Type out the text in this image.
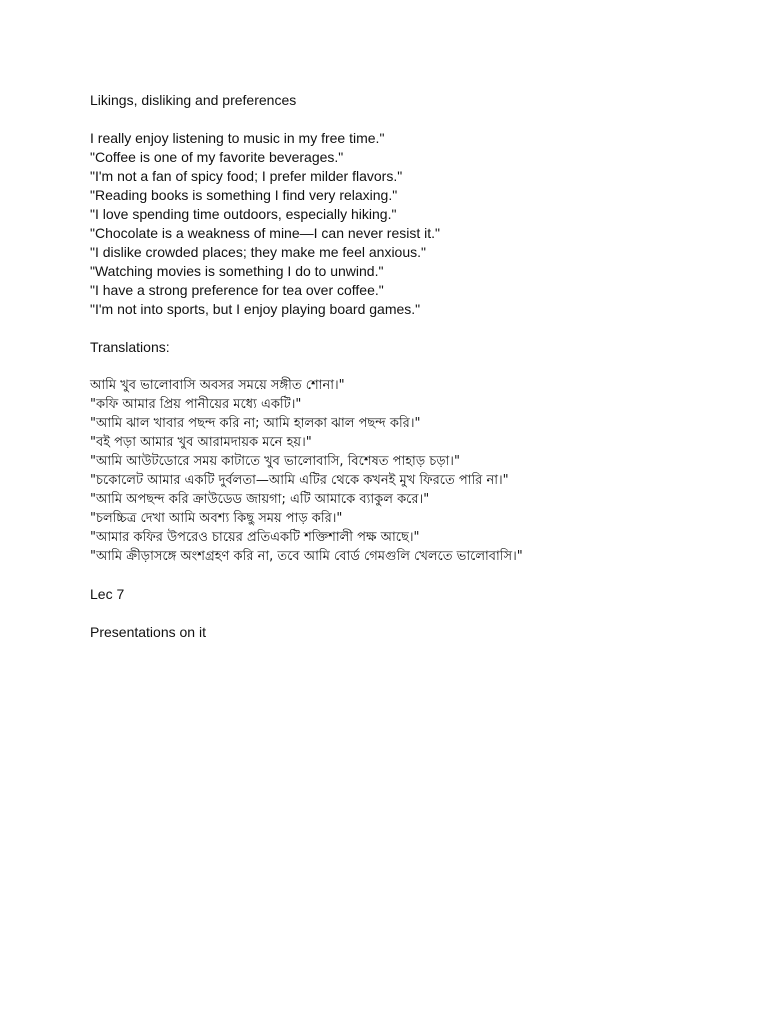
Likings, disliking and preferences
I really enjoy listening to music in my free time."
"Coffee is one of my favorite beverages."
"I'm not a fan of spicy food; I prefer milder flavors."
"Reading books is something I find very relaxing."
"I love spending time outdoors, especially hiking."
"Chocolate is a weakness of mine—I can never resist it."
"I dislike crowded places; they make me feel anxious."
"Watching movies is something I do to unwind."
"I have a strong preference for tea over coffee."
"I'm not into sports, but I enjoy playing board games."
Translations:
আমি খুব ভালোবাসি অবসর সময়ে সঙ্গীত শোনা।"
"কফি আমার প্রিয় পানীয়ের মধ্যে একটি।"
"আমি ঝাল খাবার পছন্দ করি না; আমি হালকা ঝাল পছন্দ করি।"
"বই পড়া আমার খুব আরামদায়ক মনে হয়।"
"আমি আউটডোরে সময় কাটাতে খুব ভালোবাসি, বিশেষত পাহাড় চড়া।"
"চকোলেট আমার একটি দুর্বলতা—আমি এটির থেকে কখনই মুখ ফিরতে পারি না।"
"আমি অপছন্দ করি ক্রাউডেড জায়গা; এটি আমাকে ব্যাকুল করে।"
"চলচ্চিত্র দেখা আমি অবশ্য কিছু সময় পাড় করি।"
"আমার কফির উপরেও চায়ের প্রতিএকটি শক্তিশালী পক্ষ আছে।"
"আমি ক্রীড়াসঙ্গে অংশগ্রহণ করি না, তবে আমি বোর্ড গেমগুলি খেলতে ভালোবাসি।"
Lec 7
Presentations on it
